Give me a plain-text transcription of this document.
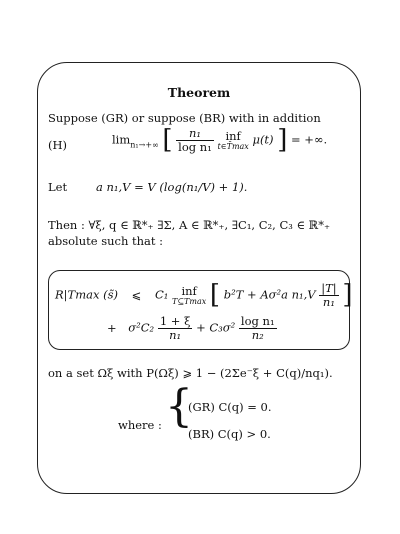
Theorem
Suppose (GR) or suppose (BR) with in addition
(H)	$\lim_{n_1\to+\infty}$ [ $\frac{\text{n₁}}{\text{log n₁}}$
	inf
t∈T̄max μ(t) ] = +∞.
Let	a n₁,V = V (log(n₁/V) + 1).
Then : ∀ξ, q ∈ ℝ*₊ ∃Σ, A ∈ ℝ*₊, ∃C₁, C₂, C₃ ∈ ℝ*₊
absolute such that :
R|Tmax (s̃) ⩽ C₁	inf
T⊆Tmax [ b²T + Aσ²a $n_1,V \frac{|T|}{\text{n₁}}$ ]
+ $\sigma^2C_2 \frac{1 + \xi}{\text{n₁}} + C_3\sigma^2 \frac{\text{log n₁}}{\text{n₂}}$
on a set Ωξ with P(Ωξ) ⩾ 1 − (2Σe⁻ξ + C(q)/nq₁).
where : {
(GR) C(q) = 0.
(BR) C(q) > 0.
